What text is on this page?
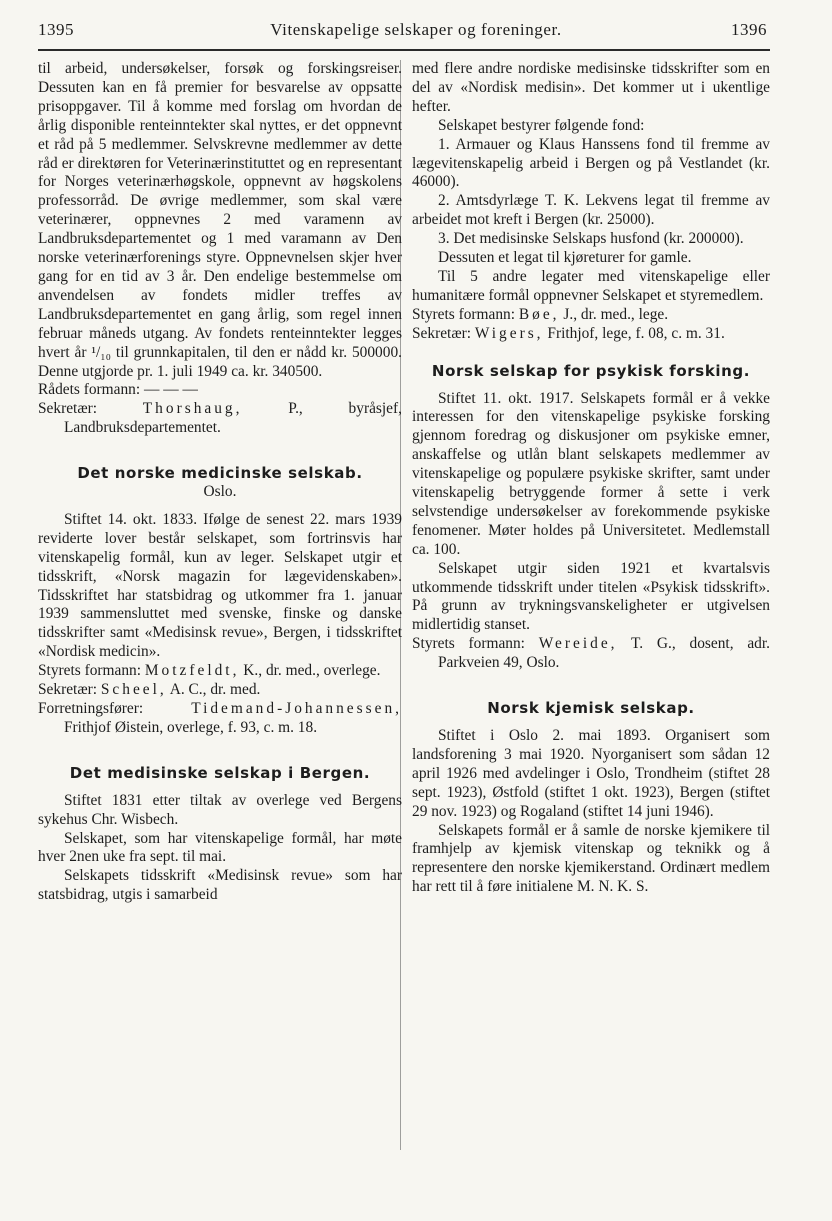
1395	Vitenskapelige selskaper og foreninger.	1396

til arbeid, undersøkelser, forsøk og forskingsreiser. Dessuten kan en få premier for besvarelse av oppsatte prisoppgaver. Til å komme med forslag om hvordan de årlig disponible renteinntekter skal nyttes, er det oppnevnt et råd på 5 medlemmer. Selvskrevne medlemmer av dette råd er direktøren for Veterinærinstituttet og en representant for Norges veterinærhøgskole, oppnevnt av høgskolens professorråd. De øvrige medlemmer, som skal være veterinærer, oppnevnes 2 med varamenn av Landbruksdepartementet og 1 med varamann av Den norske veterinærforenings styre. Oppnevnelsen skjer hver gang for en tid av 3 år. Den endelige bestemmelse om anvendelsen av fondets midler treffes av Landbruksdepartementet en gang årlig, som regel innen februar måneds utgang. Av fondets renteinntekter legges hvert år ¹/₁₀ til grunnkapitalen, til den er nådd kr. 500000. Denne utgjorde pr. 1. juli 1949 ca. kr. 340500.

Rådets formann: — — —

Sekretær:	Thorshaug,	P., byråsjef, Landbruksdepartementet.

Det norske medicinske selskab.

Oslo.

Stiftet 14. okt. 1833. Ifølge de senest 22. mars 1939 reviderte lover består selskapet, som fortrinsvis har vitenskapelig formål, kun av leger. Selskapet utgir et tidsskrift, «Norsk magazin for lægevidenskaben». Tidsskriftet har statsbidrag og utkommer fra 1. januar 1939 sammensluttet med svenske, finske og danske tidsskrifter samt «Medisinsk revue», Bergen, i tidsskriftet «Nordisk medicin».

Styrets formann: Motzfeldt, K., dr. med., overlege.

Sekretær: Scheel, A. C., dr. med.

Forretningsfører:	Tidemand-Johannessen, Frithjof Øistein, overlege, f. 93, c. m. 18.

Det medisinske selskap i Bergen.

Stiftet 1831 etter tiltak av overlege ved Bergens sykehus Chr. Wisbech.

Selskapet, som har vitenskapelige formål, har møte hver 2nen uke fra sept. til mai.

Selskapets tidsskrift «Medisinsk revue» som har statsbidrag, utgis i samarbeid

med flere andre nordiske medisinske tidsskrifter som en del av «Nordisk medisin». Det kommer ut i ukentlige hefter.

Selskapet bestyrer følgende fond:

1. Armauer og Klaus Hanssens fond til fremme av lægevitenskapelig arbeid i Bergen og på Vestlandet (kr. 46000).

2. Amtsdyrlæge T. K. Lekvens legat til fremme av arbeidet mot kreft i Bergen (kr. 25000).

3. Det medisinske Selskaps husfond (kr. 200000).

Dessuten et legat til kjøreturer for gamle.

Til 5 andre legater med vitenskapelige eller humanitære formål oppnevner Selskapet et styremedlem.

Styrets formann: Bøe, J., dr. med., lege.

Sekretær: Wigers, Frithjof, lege, f. 08, c. m. 31.

Norsk selskap for psykisk forsking.

Stiftet 11. okt. 1917. Selskapets formål er å vekke interessen for den vitenskapelige psykiske forsking gjennom foredrag og diskusjoner om psykiske emner, anskaffelse og utlån blant selskapets medlemmer av vitenskapelige og populære psykiske skrifter, samt under vitenskapelig betryggende former å sette i verk selvstendige undersøkelser av forekommende psykiske fenomener. Møter holdes på Universitetet. Medlemstall ca. 100.

Selskapet utgir siden 1921 et kvartalsvis utkommende tidsskrift under titelen «Psykisk tidsskrift». På grunn av trykningsvanskeligheter er utgivelsen midlertidig stanset.

Styrets formann: Wereide, T. G., dosent, adr. Parkveien 49, Oslo.

Norsk kjemisk selskap.

Stiftet i Oslo 2. mai 1893. Organisert som landsforening 3 mai 1920. Nyorganisert som sådan 12 april 1926 med avdelinger i Oslo, Trondheim (stiftet 28 sept. 1923), Østfold (stiftet 1 okt. 1923), Bergen (stiftet 29 nov. 1923) og Rogaland (stiftet 14 juni 1946).

Selskapets formål er å samle de norske kjemikere til framhjelp av kjemisk vitenskap og teknikk og å representere den norske kjemikerstand. Ordinært medlem har rett til å føre initialene M. N. K. S.
